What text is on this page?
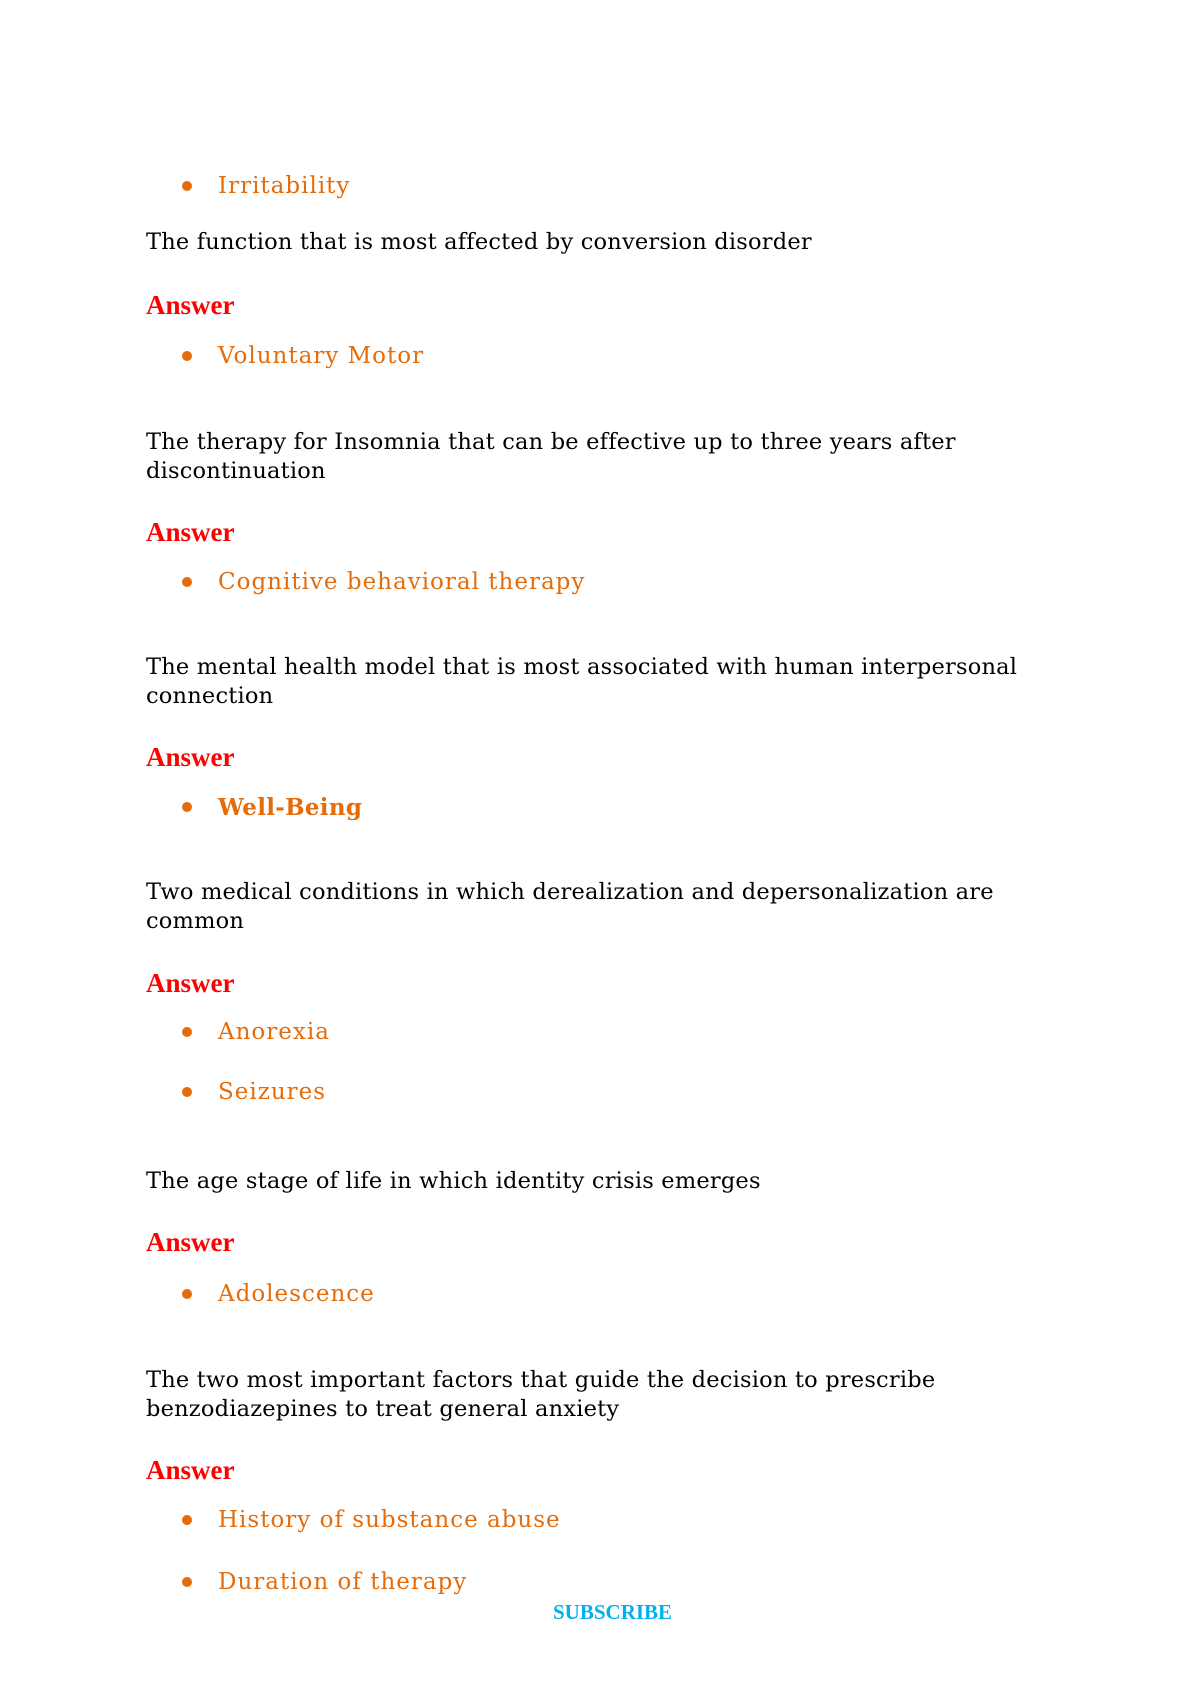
Irritability
The function that is most affected by conversion disorder
Answer
Voluntary Motor
The therapy for Insomnia that can be effective up to three years after discontinuation
Answer
Cognitive behavioral therapy
The mental health model that is most associated with human interpersonal connection
Answer
Well-Being
Two medical conditions in which derealization and depersonalization are common
Answer
Anorexia
Seizures
The age stage of life in which identity crisis emerges
Answer
Adolescence
The two most important factors that guide the decision to prescribe benzodiazepines to treat general anxiety
Answer
History of substance abuse
Duration of therapy
SUBSCRIBE
